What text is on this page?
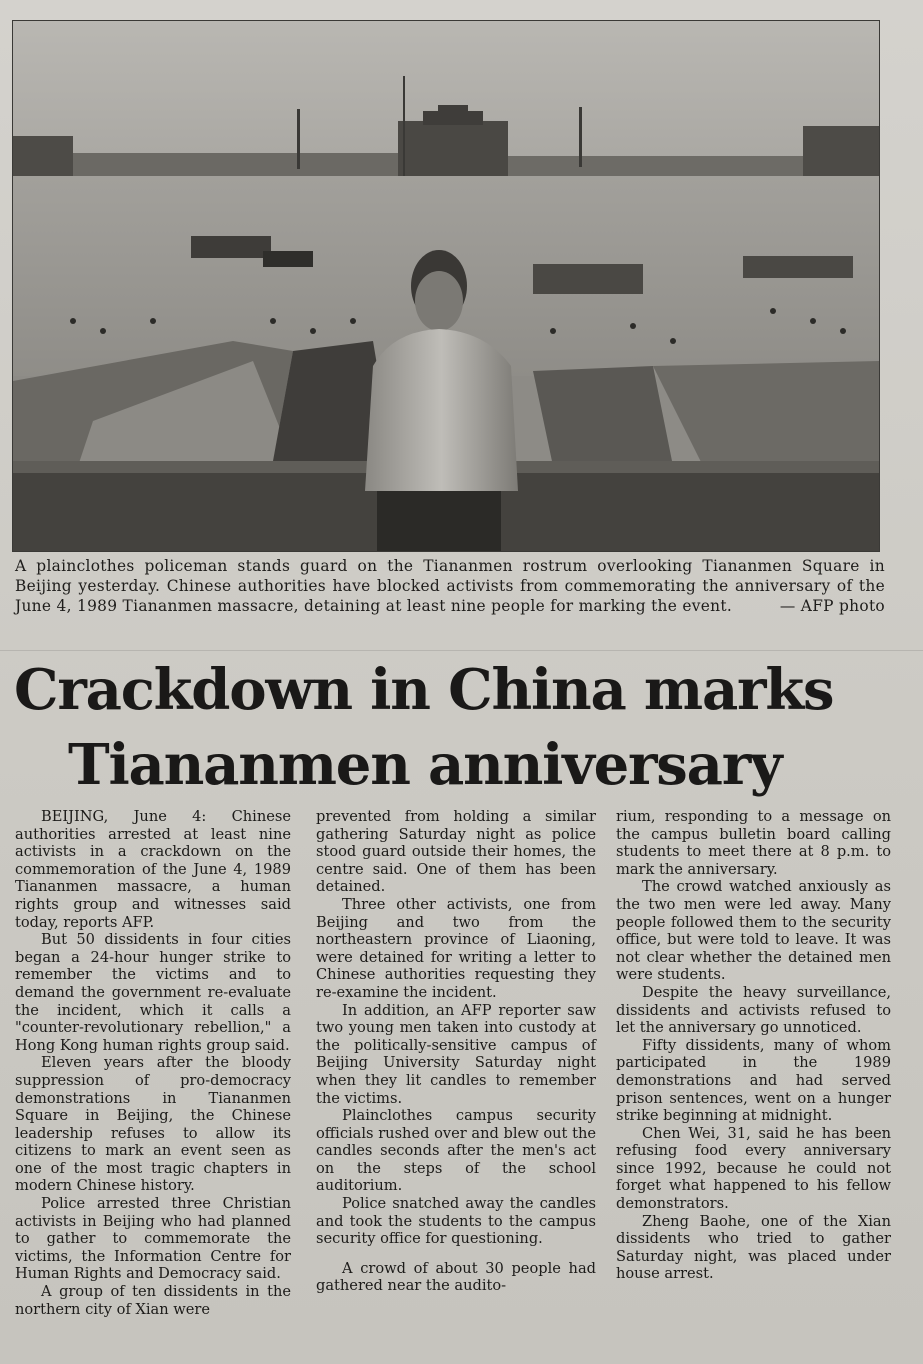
A plainclothes policeman stands guard on the Tiananmen rostrum overlooking Tiananmen Square in Beijing yesterday. Chinese authorities have blocked activists from commemorating the anniversary of the June 4, 1989 Tiananmen massacre, detaining at least nine people for marking the event.	— AFP photo
Crackdown in China marks
Tiananmen anniversary

BEIJING, June 4: Chinese authorities arrested at least nine activists in a crackdown on the commemoration of the June 4, 1989 Tiananmen massacre, a human rights group and witnesses said today, reports AFP.

But 50 dissidents in four cities began a 24-hour hunger strike to remember the victims and to demand the government re-evaluate the incident, which it calls a "counter-revolutionary rebellion," a Hong Kong human rights group said.

Eleven years after the bloody suppression of pro-democracy demonstrations in Tiananmen Square in Beijing, the Chinese leadership refuses to allow its citizens to mark an event seen as one of the most tragic chapters in modern Chinese history.

Police arrested three Christian activists in Beijing who had planned to gather to commemorate the victims, the Information Centre for Human Rights and Democracy said.

A group of ten dissidents in the northern city of Xian were

prevented from holding a similar gathering Saturday night as police stood guard outside their homes, the centre said. One of them has been detained.

Three other activists, one from Beijing and two from the northeastern province of Liaoning, were detained for writing a letter to Chinese authorities requesting they re-examine the incident.

In addition, an AFP reporter saw two young men taken into custody at the politically-sensitive campus of Beijing University Saturday night when they lit candles to remember the victims.

Plainclothes campus security officials rushed over and blew out the candles seconds after the men's act on the steps of the school auditorium.

Police snatched away the candles and took the students to the campus security office for questioning.

A crowd of about 30 people had gathered near the audito-

rium, responding to a message on the campus bulletin board calling students to meet there at 8 p.m. to mark the anniversary.

The crowd watched anxiously as the two men were led away. Many people followed them to the security office, but were told to leave. It was not clear whether the detained men were students.

Despite the heavy surveillance, dissidents and activists refused to let the anniversary go unnoticed.

Fifty dissidents, many of whom participated in the 1989 demonstrations and had served prison sentences, went on a hunger strike beginning at midnight.

Chen Wei, 31, said he has been refusing food every anniversary since 1992, because he could not forget what happened to his fellow demonstrators.

Zheng Baohe, one of the Xian dissidents who tried to gather Saturday night, was placed under house arrest.
